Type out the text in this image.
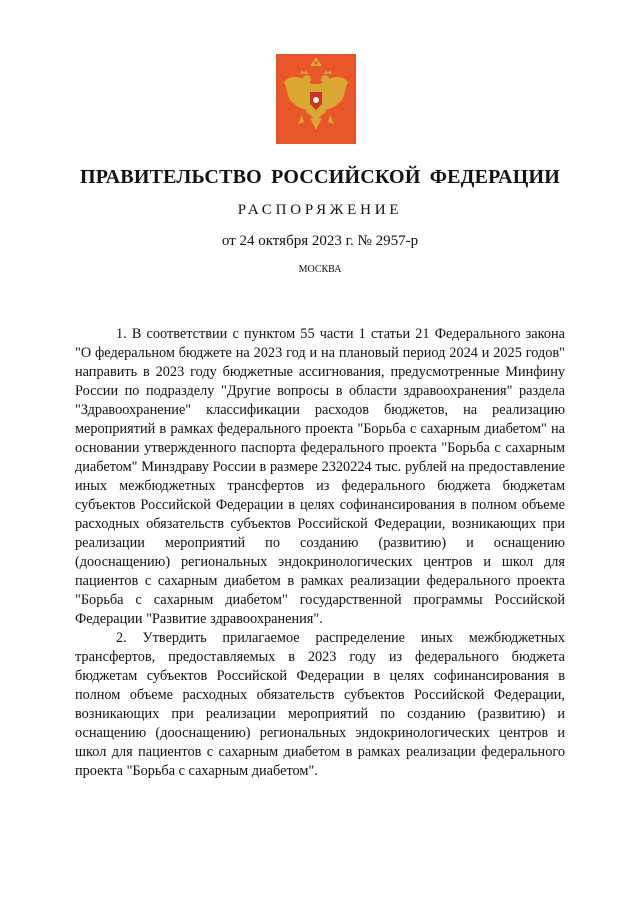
ПРАВИТЕЛЬСТВО РОССИЙСКОЙ ФЕДЕРАЦИИ
РАСПОРЯЖЕНИЕ
от 24 октября 2023 г. № 2957-р
МОСКВА

1. В соответствии с пунктом 55 части 1 статьи 21 Федерального закона "О федеральном бюджете на 2023 год и на плановый период 2024 и 2025 годов" направить в 2023 году бюджетные ассигнования, предусмотренные Минфину России по подразделу "Другие вопросы в области здравоохранения" раздела "Здравоохранение" классификации расходов бюджетов, на реализацию мероприятий в рамках федерального проекта "Борьба с сахарным диабетом" на основании утвержденного паспорта федерального проекта "Борьба с сахарным диабетом" Минздраву России в размере 2320224 тыс. рублей на предоставление иных межбюджетных трансфертов из федерального бюджета бюджетам субъектов Российской Федерации в целях софинансирования в полном объеме расходных обязательств субъектов Российской Федерации, возникающих при реализации мероприятий по созданию (развитию) и оснащению (дооснащению) региональных эндокринологических центров и школ для пациентов с сахарным диабетом в рамках реализации федерального проекта "Борьба с сахарным диабетом" государственной программы Российской Федерации "Развитие здравоохранения".

2. Утвердить прилагаемое распределение иных межбюджетных трансфертов, предоставляемых в 2023 году из федерального бюджета бюджетам субъектов Российской Федерации в целях софинансирования в полном объеме расходных обязательств субъектов Российской Федерации, возникающих при реализации мероприятий по созданию (развитию) и оснащению (дооснащению) региональных эндокринологических центров и школ для пациентов с сахарным диабетом в рамках реализации федерального проекта "Борьба с сахарным диабетом".
